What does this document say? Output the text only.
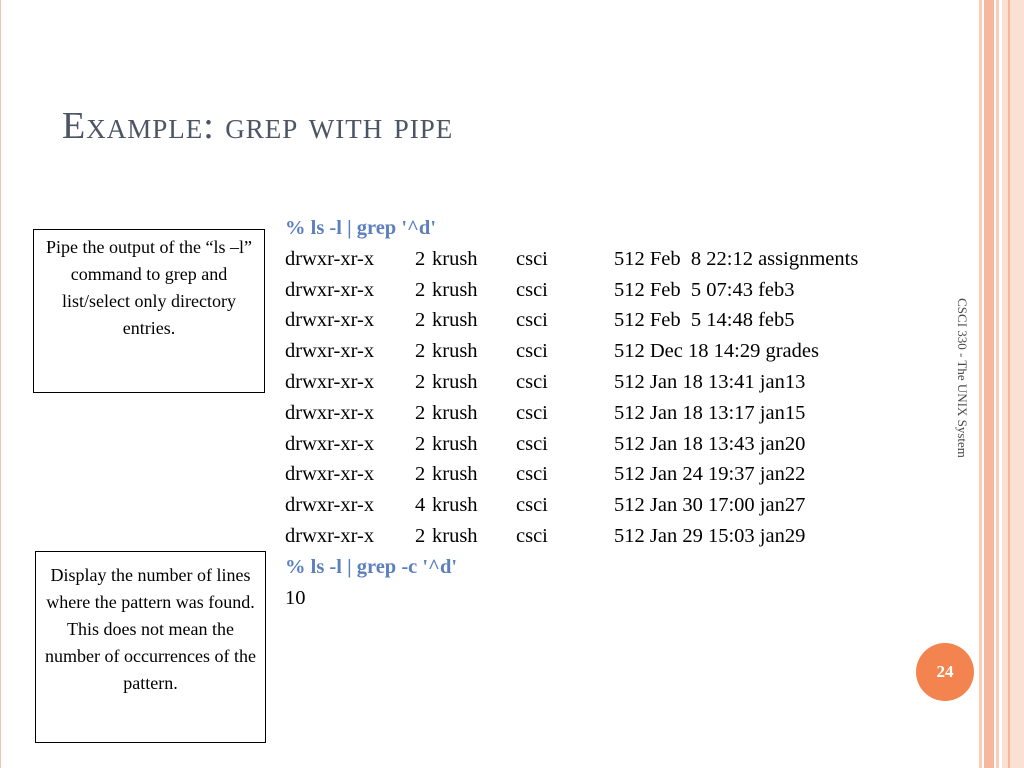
Example: grep with pipe
Pipe the output of the “ls –l” command to grep and list/select only directory entries.
Display the number of lines where the pattern was found. This does not mean the number of occurrences of the pattern.
% ls -l | grep '^d'
drwxr-xr-x 2 krush csci	512 Feb  8 22:12 assignments
drwxr-xr-x 2 krush csci	512 Feb  5 07:43 feb3
drwxr-xr-x 2 krush csci	512 Feb  5 14:48 feb5
drwxr-xr-x 2 krush csci	512 Dec 18 14:29 grades
drwxr-xr-x 2 krush csci	512 Jan 18 13:41 jan13
drwxr-xr-x 2 krush csci	512 Jan 18 13:17 jan15
drwxr-xr-x 2 krush csci	512 Jan 18 13:43 jan20
drwxr-xr-x 2 krush csci	512 Jan 24 19:37 jan22
drwxr-xr-x 4 krush csci	512 Jan 30 17:00 jan27
drwxr-xr-x 2 krush csci	512 Jan 29 15:03 jan29
% ls -l | grep -c '^d'
10
CSCI 330 - The UNIX System
24
